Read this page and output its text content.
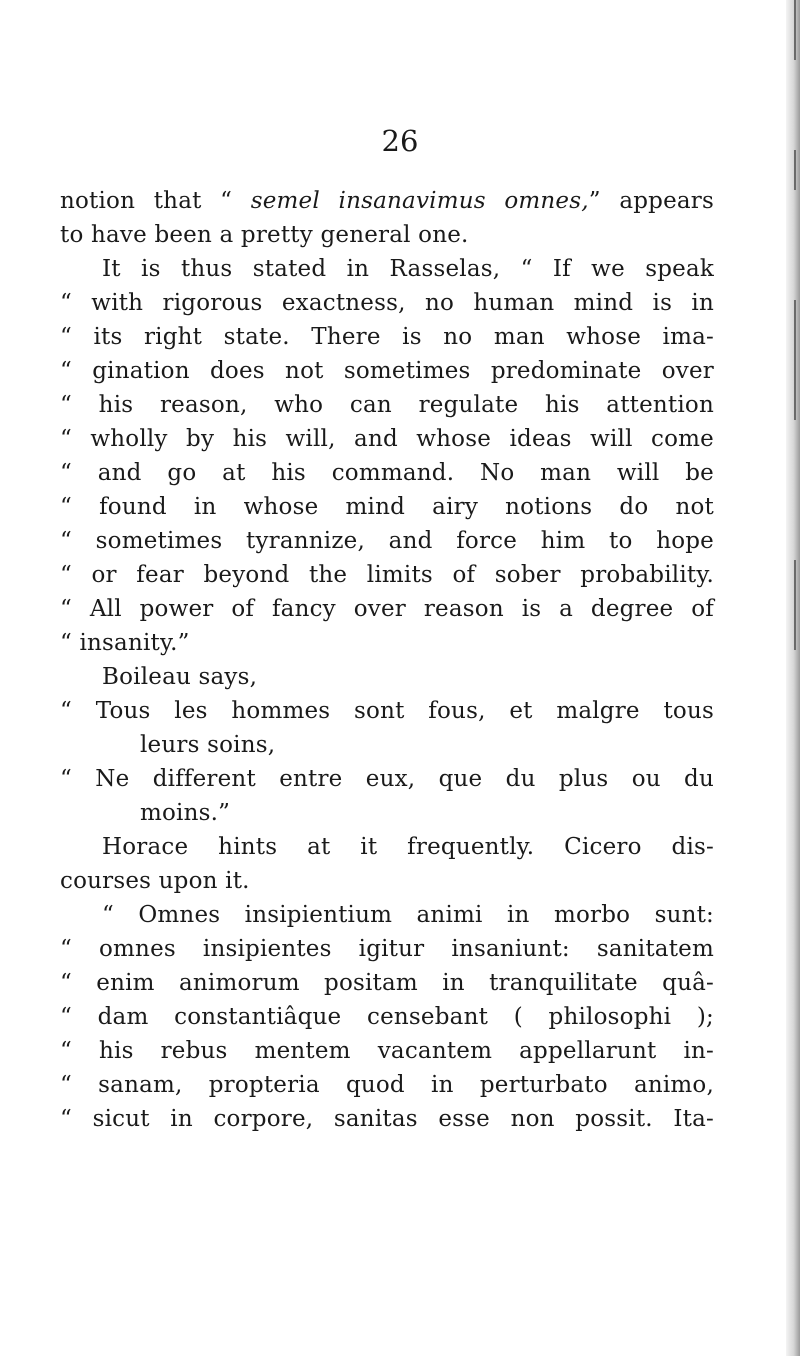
26
notion that “ semel insanavimus omnes,” appears
to have been a pretty general one.
It is thus stated in Rasselas, “ If we speak
“ with rigorous exactness, no human mind is in
“ its right state. There is no man whose ima-
“ gination does not sometimes predominate over
“ his reason, who can regulate his attention
“ wholly by his will, and whose ideas will come
“ and go at his command. No man will be
“ found in whose mind airy notions do not
“ sometimes tyrannize, and force him to hope
“ or fear beyond the limits of sober probability.
“ All power of fancy over reason is a degree of
“ insanity.”
Boileau says,
“ Tous les hommes sont fous, et malgre tous
leurs soins,
“ Ne different entre eux, que du plus ou du
moins.”
Horace hints at it frequently. Cicero dis-
courses upon it.
“ Omnes insipientium animi in morbo sunt:
“ omnes insipientes igitur insaniunt: sanitatem
“ enim animorum positam in tranquilitate quâ-
“ dam constantiâque censebant ( philosophi );
“ his rebus mentem vacantem appellarunt in-
“ sanam, propteria quod in perturbato animo,
“ sicut in corpore, sanitas esse non possit. Ita-
